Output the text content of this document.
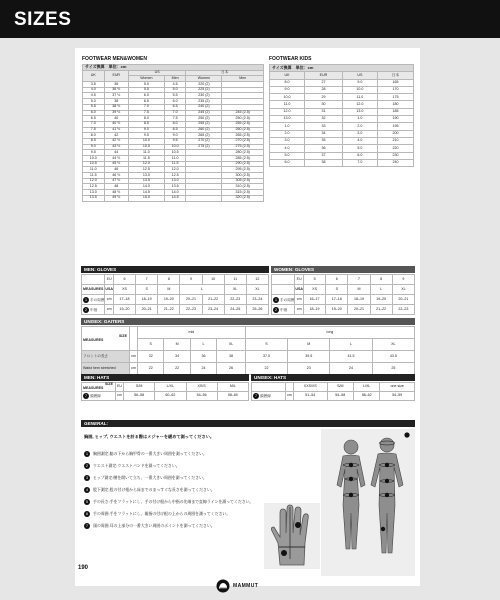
SIZES
FOOTWEAR MEN&WOMEN
サイズ換算　単位：cm					
UK	EUR	US		日本	
		Women	Men	Women	Men
3.5	36	5.0	4.5	220 (2)	
4.0	36 ⅔	5.5	5.0	225 (2)	
4.5	37 ⅓	6.0	5.5	230 (2)	
5.0	38	6.5	6.0	235 (2)	
5.5	38 ⅔	7.0	6.5	240 (2)	
6.0	39 ⅓	7.5	7.0	245 (2)	245 (2.5)
6.5	40	8.0	7.5	250 (2)	250 (2.5)
7.0	40 ⅔	8.5	8.0	255 (2)	255 (2.5)
7.5	41 ⅓	9.0	8.5	260 (2)	260 (2.5)
8.0	42	9.5	9.0	265 (2)	265 (2.5)
8.5	42 ⅔	10.0	9.5	270 (2)	270 (2.5)
9.0	43 ⅓	10.5	10.0	275 (2)	275 (2.5)
9.5	44	11.0	10.5		280 (2.5)
10.0	44 ⅔	11.5	11.0		285 (2.5)
10.5	45 ⅓	12.0	11.5		290 (2.5)
11.0	46	12.5	12.0		295 (2.5)
11.5	46 ⅔	13.0	12.5		300 (2.5)
12.0	47 ⅓	13.5	13.0		305 (2.5)
12.5	48	14.0	13.5		310 (2.5)
13.0	48 ⅔	14.5	14.0		315 (2.5)
13.5	49 ⅓	15.0	14.5		320 (2.5)
FOOTWEAR KIDS
サイズ換算　単位：cm			
UK	EUR	US	日本
8.0	27	9.0	165
9.0	28	10.0	170
10.0	29	11.0	175
11.0	30	12.0	180
12.0	31	13.0	185
13.0	32	1.0	190
1.0	33	2.0	195
2.0	34	3.0	200
3.0	35	4.0	210
4.0	36	5.0	220
5.0	37	6.0	230
6.0	38	7.0	240
MEN: GLOVES	WOMEN: GLOVES
	EU	6	7	8	9	10	11	12
MEASURES	USA	XS	S	M	L		XL	XL
1 手の周囲	cm	17–18	18–19	19–20	20–21	21–22	22–23	23–24
2 中指	cm	19–20	20–21	21–22	22–23	23–24	24–25	25–26
	EU	5	6	7	8	9
	USA	XS	S	M	L	XL
1 手の周囲	cm	16–17	17–18	18–19	19–20	20–21
2 中指	cm	18–19	19–20	20–21	21–22	22–23
UNISEX: GAITERS
SIZE
MEASURES		mid				long			
		S	M	L	XL	S	M	L	XL
フロントの長さ	cm	32	34	36	38	37.5	39.5	41.5	43.5
Waist hem stretched	cm	22	22	24	26	22	23	24	25
MEN: HATS	UNISEX: HATS
SIZE
MEASURES	EU	S/M	L/XL	XS/S	M/L
7 頭囲線	cm	56–58	60–62	54–56	58–60
		XXS/XS	S/M	L/XL	one size
7 頭囲線	cm	51–54	54–58	58–62	54–59
GENERAL:
胸囲, ヒップ, ウエストを計る際はメジャーを緩めて測ってください。
1 胸囲測定:脇の下から胸甲骨の一番大きい周囲を測ってください。
2 ウエスト測定:ウエストバンドを測ってください。
3 ヒップ測定:腰を開いて立ち、一番大きい周囲を測ってください。
4 股下測定:股の付け根から床までのまっすぐな長さを測ってください。
5 手の長さ:手をフラットにし、手の付け根から中指の先端まで直線ラインを測ってください。
6 手の周囲:手をフラットにし、親指の付け根の上からの周囲を測ってください。
7 頭の周囲:耳の上部分の一番大きい周囲のポイントを測ってください。
190
MAMMUT
